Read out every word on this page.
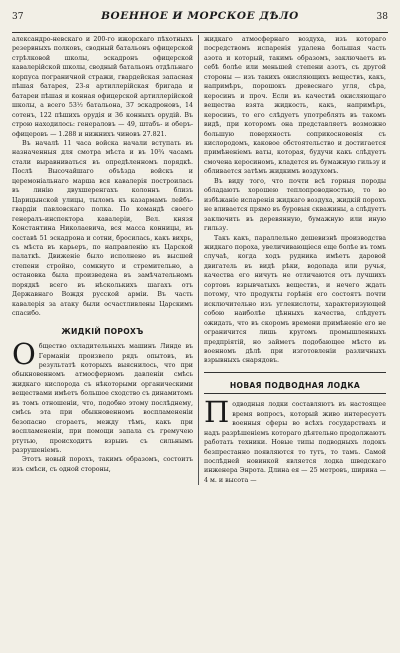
37	ВОЕННОЕ И МОРСКОЕ ДѢЛО	38

александро-невскаго и 200-го ижорскаго пѣхотныхъ резервныхъ полковъ, сводный батальонъ офицерской стрѣлковой школы, эскадронъ офицерской кавалерійской школы, сводный батальонъ отдѣльнаго корпуса пограничной стражи, гвардейская запасная пѣшая батарея, 23-я артиллерійская бригада и батареи пѣшая и конная офицерской артиллерійской школы, а всего 53½ батальона, 37 эскадроновъ, 14 сотенъ, 122 пѣшихъ орудія и 36 конныхъ орудій. Въ строю находилось: генераловъ — 49, штабъ- и оберъ-офицеровъ — 1.288 и нижнихъ чиновъ 27.821.

Въ началѣ 11 часа войска начали вступать въ назначенныя для смотра мѣста и въ 10¾ часамъ стали выравниваться въ опредѣленномъ порядкѣ. Послѣ Высочайшаго объѣзда войскъ и церемоніальнаго марша вся кавалерія построилась въ линію двухшеренгахъ колоннъ близъ Царицынской улицы, тыломъ къ казармамъ лейбъ-гвардіи павловскаго полка. По командѣ своего генералъ-инспектора кавалеріи, Вел. князя Константина Николаевича, вся масса конницы, въ составѣ 51 эскадрона и сотни, бросилась, какъ вихрь, съ мѣста въ карьеръ, по направленію къ Царской палаткѣ. Движеніе было исполнено въ высшей степени стройно, сомкнуто и стремительно, а остановка была произведена въ замѣчательномъ порядкѣ всего въ нѣсколькихъ шагахъ отъ Державнаго Вождя русской арміи. Въ часть кавалерія за атаку были осчастливлены Царскимъ спасибо.

ЖИДКІЙ ПОРОХЪ

Общество охладительныхъ машинъ Линде въ Германіи произвело рядъ опытовъ, въ результатѣ которыхъ выяснилось, что при обыкновенномъ атмосферномъ давленіи смѣсь жидкаго кислорода съ нѣкоторыми органическими веществами имѣетъ большое сходство съ динамитомъ въ томъ отношеніи, что, подобно этому послѣднему, смѣсь эта при обыкновенномъ воспламененіи безопасно сгораетъ, между тѣмъ, какъ при воспламененіи, при помощи запала съ гремучею ртутью, происходитъ взрывъ съ сильнымъ разрушеніемъ.

Этотъ новый порохъ, такимъ образомъ, состоитъ изъ смѣси, съ одной стороны,

жидкаго атмосфернаго воздуха, изъ котораго посредствомъ испаренія удалена большая часть азота и который, такимъ образомъ, заключаетъ въ себѣ болѣе или меньшей степени азотъ, съ другой стороны — изъ такихъ окисляющихъ веществъ, какъ, напримѣръ, порошокъ древеснаго угля, сѣра, керосинъ и проч. Если въ качествѣ окисляющаго вещества взята жидкость, какъ, напримѣръ, керосинъ, то его слѣдуетъ употреблять въ такомъ видѣ, при которомъ она представляетъ возможно большую поверхность соприкосновенія съ кислородомъ, каковое обстоятельство и достигается примѣненіемъ ваты, которая, будучи какъ слѣдуетъ смочена керосиномъ, кладется въ бумажную гильзу и обливается затѣмъ жидкимъ воздухомъ.

Въ виду того, что почти всѣ горныя породы обладаютъ хорошею теплопроводностью, то во избѣжаніе испаренія жидкаго воздуха, жидкій порохъ не вливается прямо въ буровыя скважины, а слѣдуетъ заключить въ деревянную, бумажную или иную гильзу.

Такъ какъ, параллельно дешевизнѣ производства жидкаго пороха, увеличивающіеся еще болѣе въ томъ случаѣ, когда ходъ рудника имѣетъ даровой двигатель въ видѣ рѣки, водопада или ручья, качества его ничуть не отличаются отъ лучшихъ сортовъ взрывчатыхъ веществъ, и нечего ждать потому, что продукты горѣнія его состоятъ почти исключительно изъ углекислоты, характеризующей собою наиболѣе цѣнныхъ качества, слѣдуетъ ожидать, что въ скоромъ времени примѣненіе его не ограничится лишь кругомъ промышленныхъ предпріятій, но займетъ подобающее мѣсто въ военномъ дѣлѣ при изготовленіи различныхъ взрывныхъ снарядовъ.

НОВАЯ ПОДВОДНАЯ ЛОДКА

Подводныя лодки составляютъ въ настоящее время вопросъ, который живо интересуетъ военныя сферы во всѣхъ государствахъ и надъ разрѣшеніемъ котораго дѣятельно продолжаютъ работать техники. Новые типы подводныхъ лодокъ безпрестанно появляются то тутъ, то тамъ. Самой послѣдней новинкой является лодка шведскаго инженера Энрота. Длина ея — 25 метровъ, ширина — 4 м. и высота —
